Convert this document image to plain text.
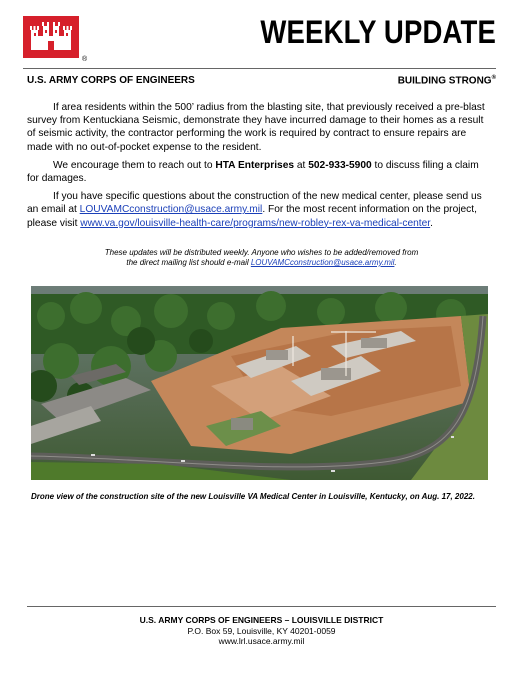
®
WEEKLY UPDATE
U.S. ARMY CORPS OF ENGINEERS	BUILDING STRONG®

If area residents within the 500’ radius from the blasting site, that previously received a pre-blast survey from Kentuckiana Seismic, demonstrate they have incurred damage to their homes as a result of seismic activity, the contractor performing the work is required by contract to ensure repairs are made with no out-of-pocket expense to the resident.

We encourage them to reach out to HTA Enterprises at 502-933-5900 to discuss filing a claim for damages.

If you have specific questions about the construction of the new medical center, please send us an email at LOUVAMCconstruction@usace.army.mil. For the most recent information on the project, please visit www.va.gov/louisville-health-care/programs/new-robley-rex-va-medical-center.

These updates will be distributed weekly. Anyone who wishes to be added/removed from
the direct mailing list should e-mail LOUVAMCconstruction@usace.army.mil.
Drone view of the construction site of the new Louisville VA Medical Center in Louisville, Kentucky, on Aug. 17, 2022.
U.S. ARMY CORPS OF ENGINEERS – LOUISVILLE DISTRICT
P.O. Box 59, Louisville, KY 40201-0059
www.lrl.usace.army.mil
